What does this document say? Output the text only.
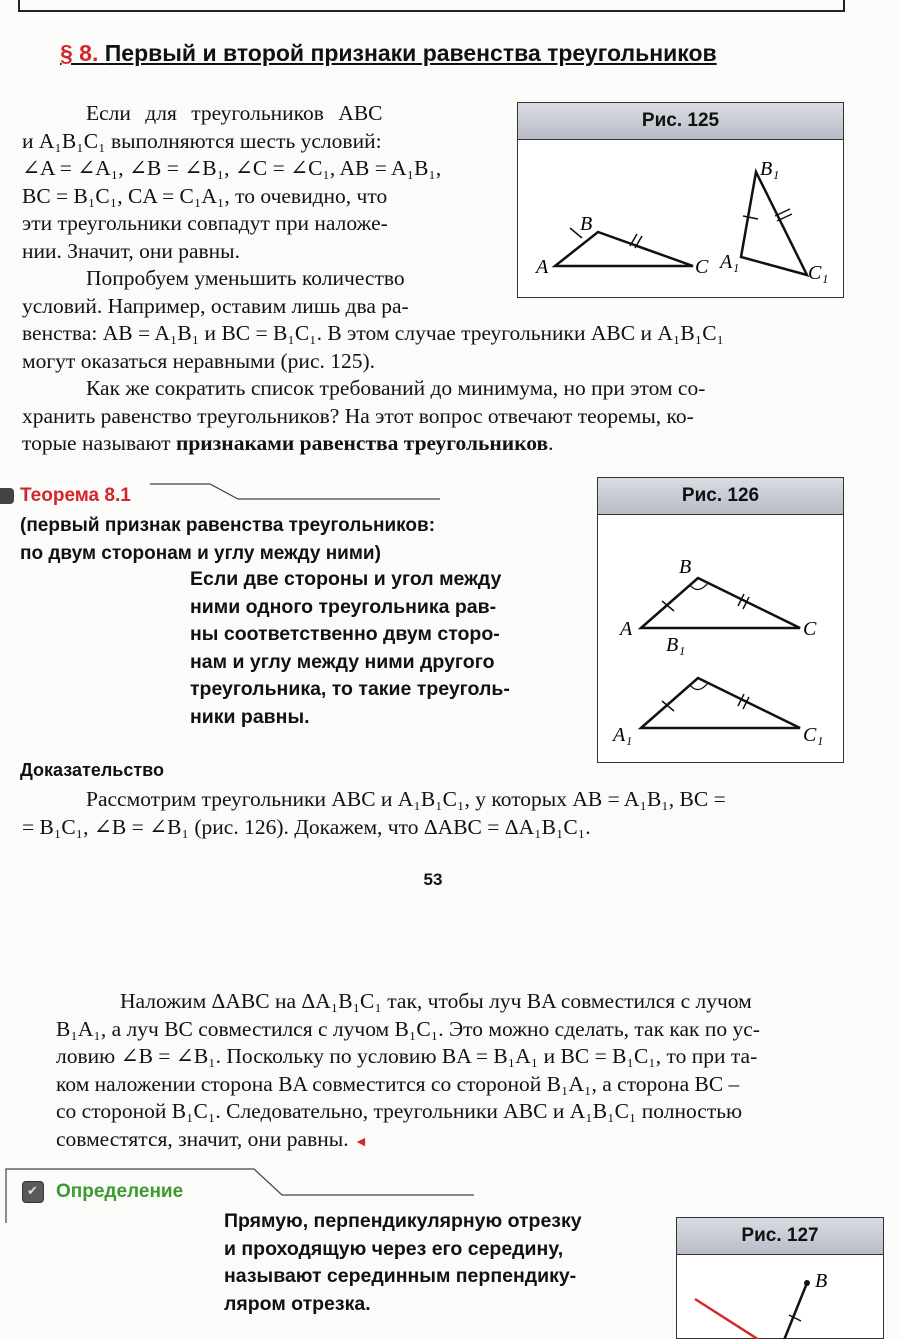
§ 8. Первый и второй признаки равенства треугольников

Если для треугольников ABC

и A₁B₁C₁ выполняются шесть условий:

∠A = ∠A₁, ∠B = ∠B₁, ∠C = ∠C₁, AB = A₁B₁,

BC = B₁C₁, CA = C₁A₁, то очевидно, что

эти треугольники совпадут при наложе-

нии. Значит, они равны.

Попробуем уменьшить количество

условий. Например, оставим лишь два ра-

венства: AB = A₁B₁ и BC = B₁C₁. В этом случае треугольники ABC и A₁B₁C₁

могут оказаться неравными (рис. 125).

Как же сократить список требований до минимума, но при этом со-

хранить равенство треугольников? На этот вопрос отвечают теоремы, ко-

торые называют признаками равенства треугольников.

Рис. 125
A
B
C A₁
B₁
C₁
Теорема 8.1
(первый признак равенства треугольников:
по двум сторонам и углу между ними)
Если две стороны и угол между
ними одного треугольника рав-
ны соответственно двум сторо-
нам и углу между ними другого
треугольника, то такие треуголь-
ники равны.
Рис. 126
A
B
C
B₁
A₁	C₁
Доказательство

Рассмотрим треугольники ABC и A₁B₁C₁, у которых AB = A₁B₁, BC =

= B₁C₁, ∠B = ∠B₁ (рис. 126). Докажем, что ΔABC = ΔA₁B₁C₁.

53

Наложим ΔABC на ΔA₁B₁C₁ так, чтобы луч BA совместился с лучом

B₁A₁, а луч BC совместился с лучом B₁C₁. Это можно сделать, так как по ус-

ловию ∠B = ∠B₁. Поскольку по условию BA = B₁A₁ и BC = B₁C₁, то при та-

ком наложении сторона BA совместится со стороной B₁A₁, а сторона BC –

со стороной B₁C₁. Следовательно, треугольники ABC и A₁B₁C₁ полностью

совместятся, значит, они равны. ◄

✔
Определение
Прямую, перпендикулярную отрезку
и проходящую через его середину,
называют серединным перпендику-
ляром отрезка.
Рис. 127
B
